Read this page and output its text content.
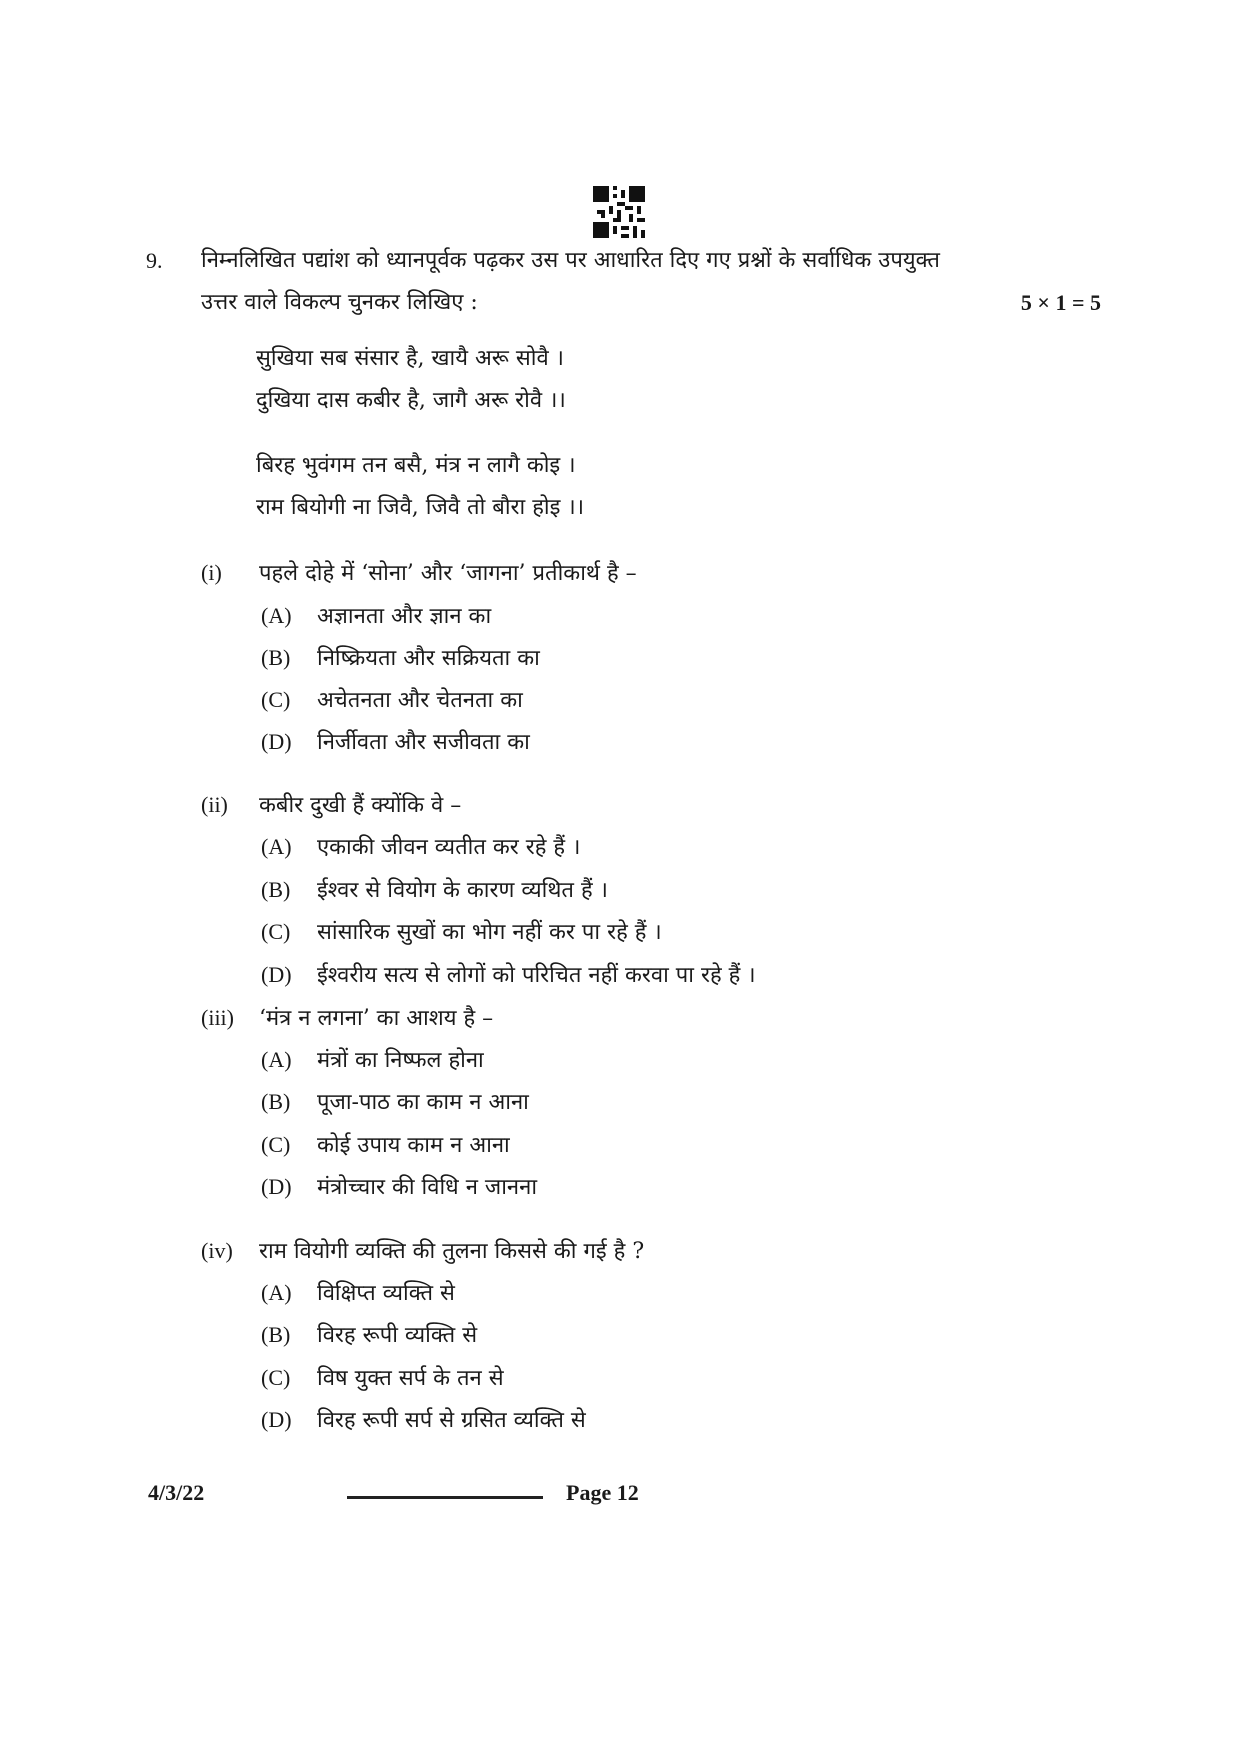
9. निम्नलिखित पद्यांश को ध्यानपूर्वक पढ़कर उस पर आधारित दिए गए प्रश्नों के सर्वाधिक उपयुक्त
उत्तर वाले विकल्प चुनकर लिखिए :	5 × 1 = 5
सुखिया सब संसार है, खायै अरू सोवै ।
दुखिया दास कबीर है, जागै अरू रोवै ।।
बिरह भुवंगम तन बसै, मंत्र न लागै कोइ ।
राम बियोगी ना जिवै, जिवै तो बौरा होइ ।।
(i) पहले दोहे में ‘सोना’ और ‘जागना’ प्रतीकार्थ है –
(A) अज्ञानता और ज्ञान का
(B) निष्क्रियता और सक्रियता का
(C) अचेतनता और चेतनता का
(D) निर्जीवता और सजीवता का
(ii) कबीर दुखी हैं क्योंकि वे –
(A) एकाकी जीवन व्यतीत कर रहे हैं ।
(B) ईश्वर से वियोग के कारण व्यथित हैं ।
(C) सांसारिक सुखों का भोग नहीं कर पा रहे हैं ।
(D) ईश्वरीय सत्य से लोगों को परिचित नहीं करवा पा रहे हैं ।
(iii) ‘मंत्र न लगना’ का आशय है –
(A) मंत्रों का निष्फल होना
(B) पूजा-पाठ का काम न आना
(C) कोई उपाय काम न आना
(D) मंत्रोच्चार की विधि न जानना
(iv) राम वियोगी व्यक्ति की तुलना किससे की गई है ?
(A) विक्षिप्त व्यक्ति से
(B) विरह रूपी व्यक्ति से
(C) विष युक्त सर्प के तन से
(D) विरह रूपी सर्प से ग्रसित व्यक्ति से
4/3/22	Page 12
